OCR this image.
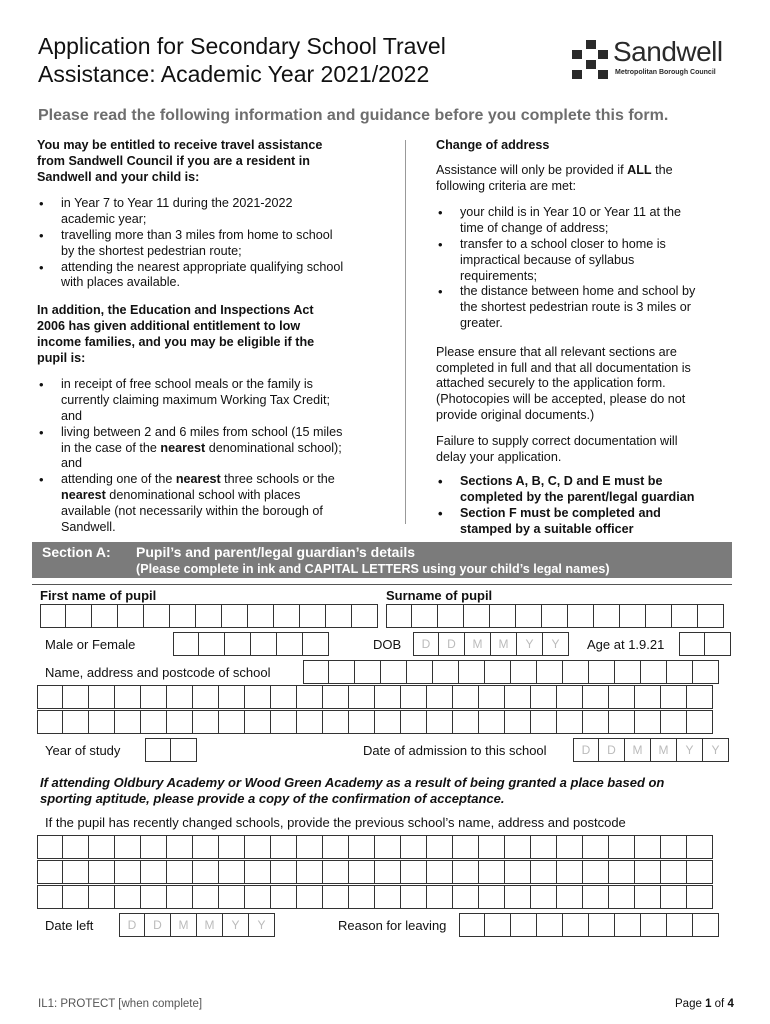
Application for Secondary School Travel
Assistance: Academic Year 2021/2022
Sandwell
Metropolitan Borough Council
Please read the following information and guidance before you complete this form.

You may be entitled to receive travel assistance
from Sandwell Council if you are a resident in
Sandwell and your child is:

• in Year 7 to Year 11 during the 2021-2022
academic year;
• travelling more than 3 miles from home to school
by the shortest pedestrian route;
• attending the nearest appropriate qualifying school
with places available.

In addition, the Education and Inspections Act
2006 has given additional entitlement to low
income families, and you may be eligible if the
pupil is:

• in receipt of free school meals or the family is
currently claiming maximum Working Tax Credit;
and
• living between 2 and 6 miles from school (15 miles
in the case of the nearest denominational school);
and
• attending one of the nearest three schools or the
nearest denominational school with places
available (not necessarily within the borough of
Sandwell.

Change of address

Assistance will only be provided if ALL the
following criteria are met:

• your child is in Year 10 or Year 11 at the
time of change of address;
• transfer to a school closer to home is
impractical because of syllabus
requirements;
• the distance between home and school by
the shortest pedestrian route is 3 miles or
greater.

Please ensure that all relevant sections are
completed in full and that all documentation is
attached securely to the application form.
(Photocopies will be accepted, please do not
provide original documents.)

Failure to supply correct documentation will
delay your application.

• Sections A, B, C, D and E must be
completed by the parent/legal guardian
• Section F must be completed and
stamped by a suitable officer
Section A: Pupil’s and parent/legal guardian’s details
(Please complete in ink and CAPITAL LETTERS using your child’s legal names)
First name of pupil	Surname of pupil
Male or Female	DOB	D	D	M	M	Y	Y	Age at 1.9.21
Name, address and postcode of school
Year of study	Date of admission to this school	D	D	M	M	Y	Y
If attending Oldbury Academy or Wood Green Academy as a result of being granted a place based on
sporting aptitude, please provide a copy of the confirmation of acceptance.
If the pupil has recently changed schools, provide the previous school’s name, address and postcode
Date left	D	D	M	M	Y	Y	Reason for leaving
IL1: PROTECT [when complete]	Page 1 of 4
